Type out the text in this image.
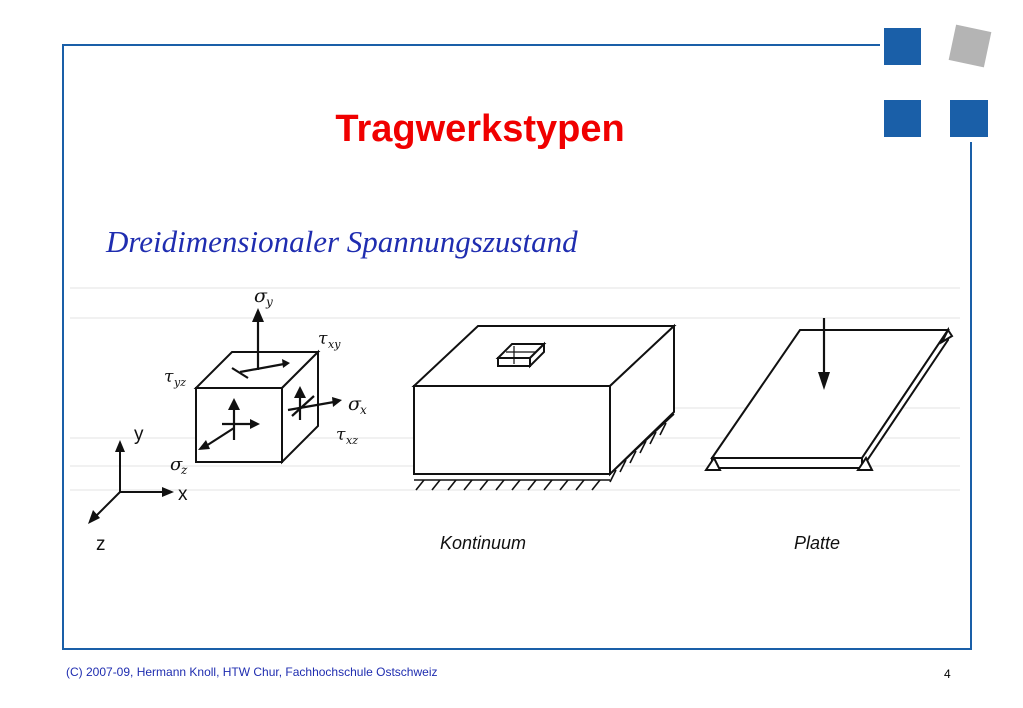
Tragwerkstypen
Dreidimensionaler Spannungszustand
σ y
τ xy
τ yz
σ x
τ xz
σ
z
y
x
z	Kontinuum	Platte
(C) 2007-09, Hermann Knoll, HTW Chur, Fachhochschule Ostschweiz	4
